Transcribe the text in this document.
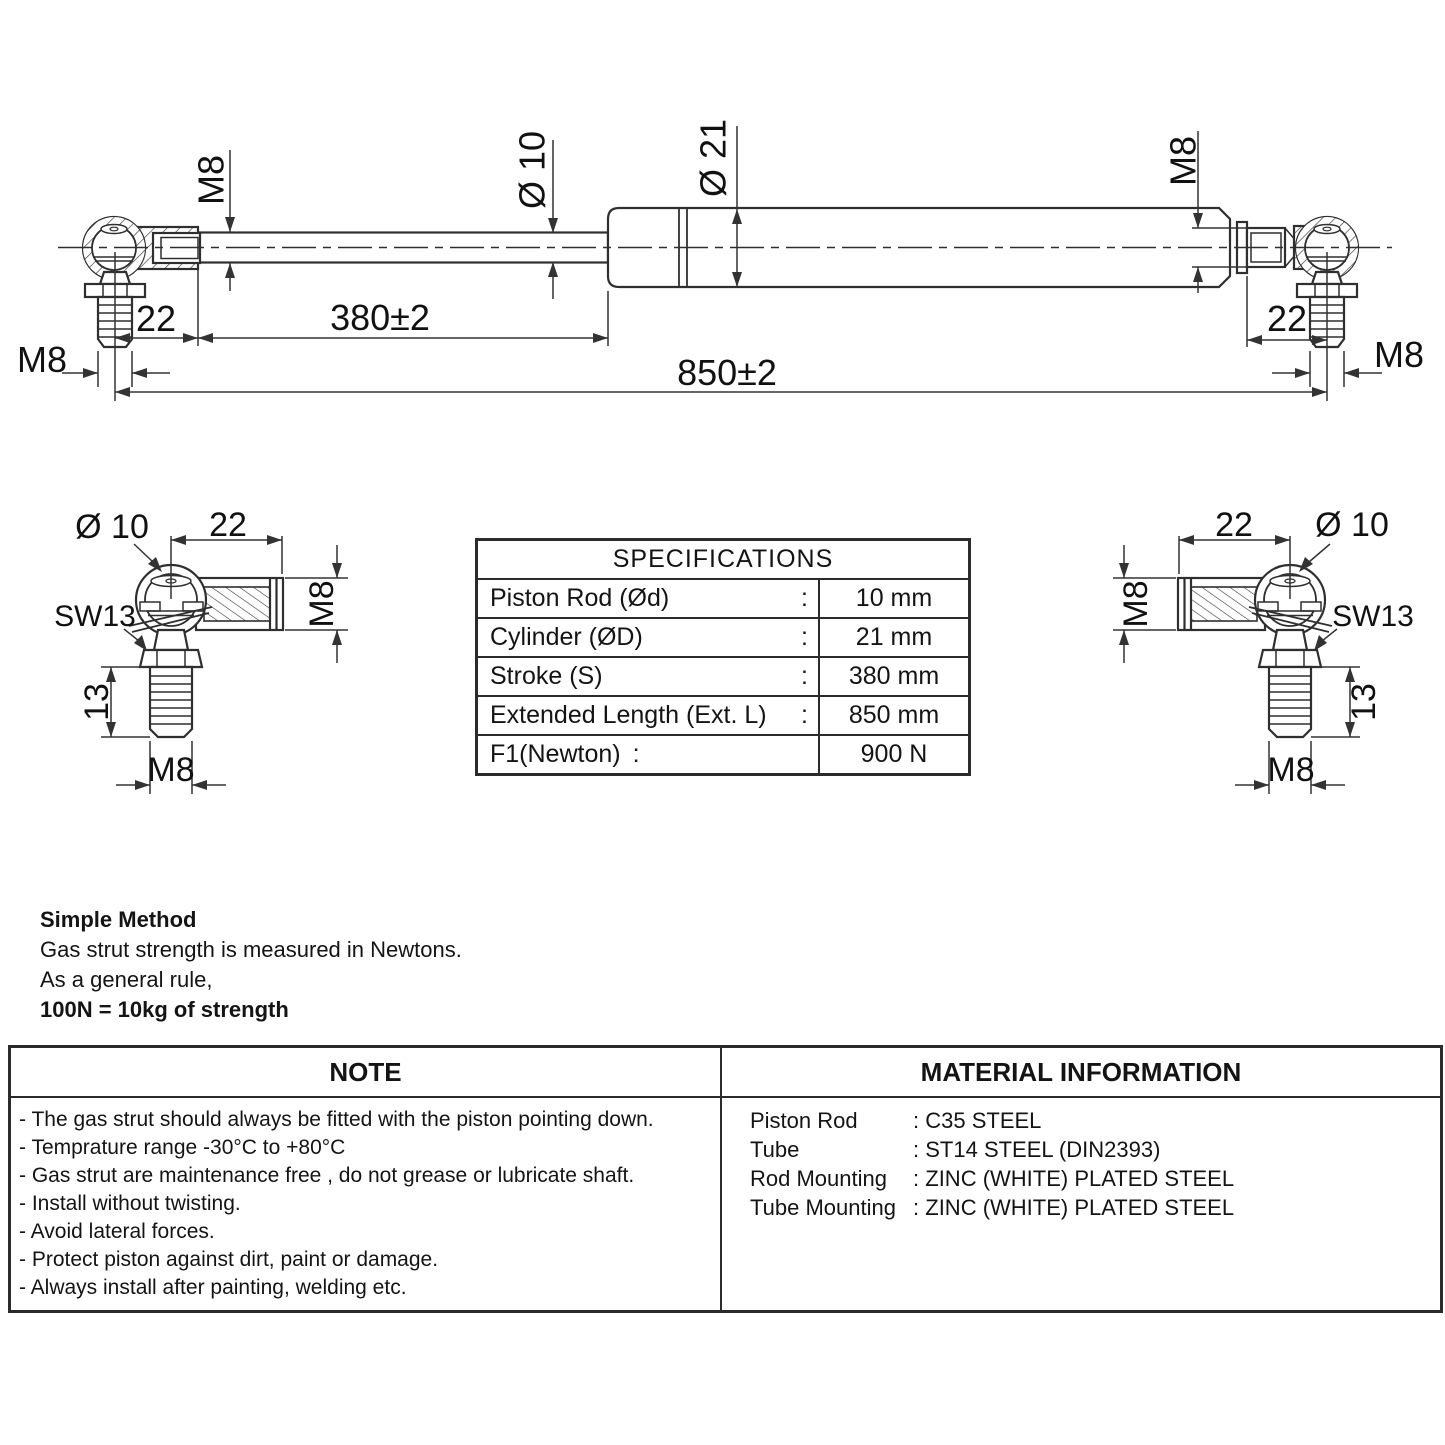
M8	Ø 10	Ø 21	M8
22	380±2
M8	850±2
22
M8
Ø 10 22
M8
SW13
13
M8
22 Ø 10
M8	SW13
13
M8
SPECIFICATIONS
Piston Rod (Ød)	:	10 mm
Cylinder (ØD)	:	21 mm
Stroke (S)	:	380 mm
Extended Length (Ext. L) :	850 mm
F1(Newton) :	900 N
Simple Method
Gas strut strength is measured in Newtons.
As a general rule,
100N = 10kg of strength
NOTE	MATERIAL INFORMATION
- The gas strut should always be fitted with the piston pointing down.
- Temprature range -30°C to +80°C
- Gas strut are maintenance free , do not grease or lubricate shaft.
- Install without twisting.
- Avoid lateral forces.
- Protect piston against dirt, paint or damage.
- Always install after painting, welding etc.
Piston Rod	: C35 STEEL
Tube	: ST14 STEEL (DIN2393)
Rod Mounting	: ZINC (WHITE) PLATED STEEL
Tube Mounting : ZINC (WHITE) PLATED STEEL
